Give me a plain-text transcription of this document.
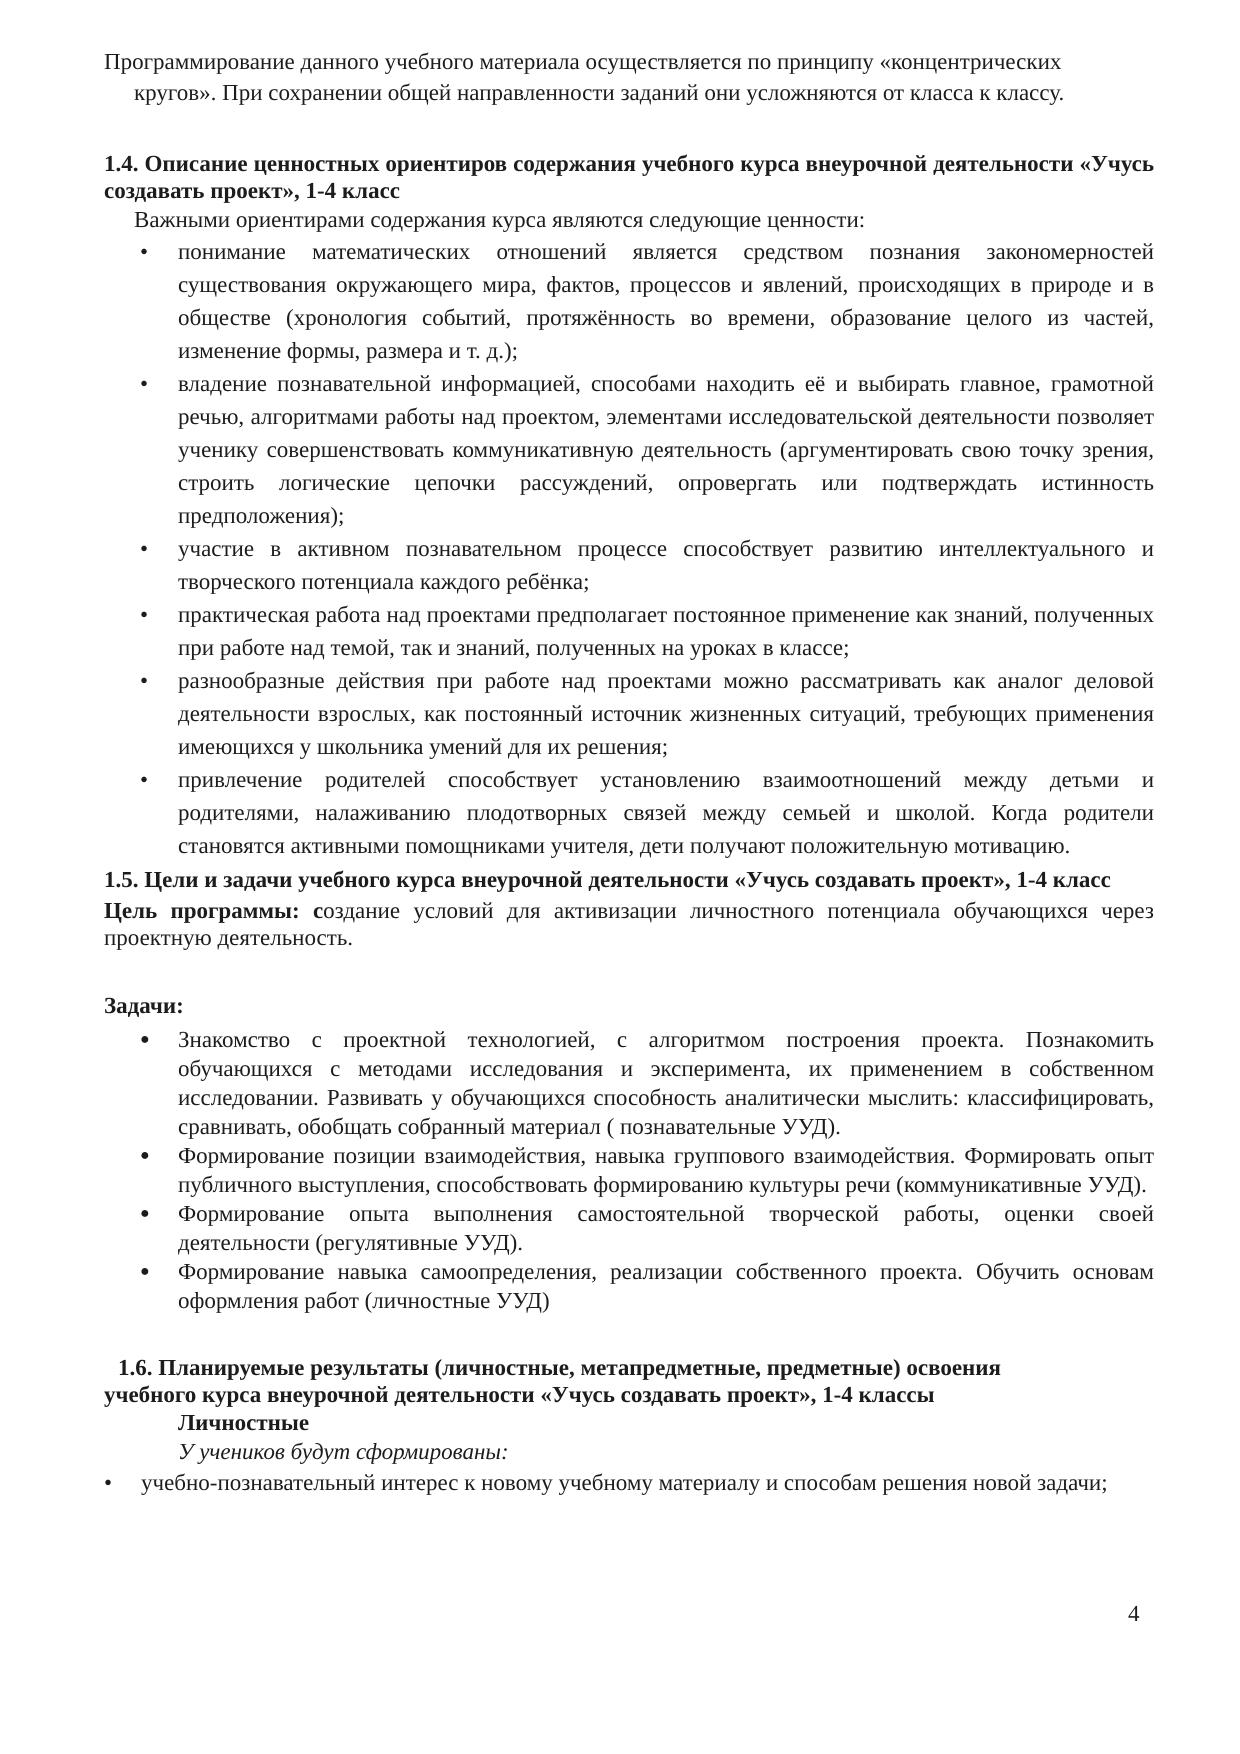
Программирование данного учебного материала осуществляется по принципу «концентрических
кругов». При сохранении общей направленности заданий они усложняются от класса к классу.

1.4. Описание ценностных ориентиров содержания учебного курса внеурочной деятельности «Учусь создавать проект», 1-4 класс

Важными ориентирами содержания курса являются следующие ценности:

• понимание математических отношений является средством познания закономерностей существования окружающего мира, фактов, процессов и явлений, происходящих в природе и в обществе (хронология событий, протяжённость во времени, образование целого из частей, изменение формы, размера и т. д.);
• владение познавательной информацией, способами находить её и выбирать главное, грамотной речью, алгоритмами работы над проектом, элементами исследовательской деятельности позволяет ученику совершенствовать коммуникативную деятельность (аргументировать свою точку зрения, строить логические цепочки рассуждений, опровергать или подтверждать истинность предположения);
• участие в активном познавательном процессе способствует развитию интеллектуального и творческого потенциала каждого ребёнка;
• практическая работа над проектами предполагает постоянное применение как знаний, полученных при работе над темой, так и знаний, полученных на уроках в классе;
• разнообразные действия при работе над проектами можно рассматривать как аналог деловой деятельности взрослых, как постоянный источник жизненных ситуаций, требующих применения имеющихся у школьника умений для их решения;
• привлечение родителей способствует установлению взаимоотношений между детьми и родителями, налаживанию плодотворных связей между семьей и школой. Когда родители становятся активными помощниками учителя, дети получают положительную мотивацию.
1.5. Цели и задачи учебного курса внеурочной деятельности «Учусь создавать проект», 1-4 класс

Цель программы: создание условий для активизации личностного потенциала обучающихся через проектную деятельность.

Задачи:

● Знакомство с проектной технологией, с алгоритмом построения проекта. Познакомить обучающихся с методами исследования и эксперимента, их применением в собственном исследовании. Развивать у обучающихся способность аналитически мыслить: классифицировать, сравнивать, обобщать собранный материал ( познавательные УУД).
● Формирование позиции взаимодействия, навыка группового взаимодействия. Формировать опыт публичного выступления, способствовать формированию культуры речи (коммуникативные УУД).
● Формирование опыта выполнения самостоятельной творческой работы, оценки своей деятельности (регулятивные УУД).
● Формирование навыка самоопределения, реализации собственного проекта. Обучить основам оформления работ (личностные УУД)
1.6. Планируемые результаты (личностные, метапредметные, предметные) освоения
учебного курса внеурочной деятельности «Учусь создавать проект», 1-4 классы

Личностные

У учеников будут сформированы:

• учебно-познавательный интерес к новому учебному материалу и способам решения новой задачи;
4
